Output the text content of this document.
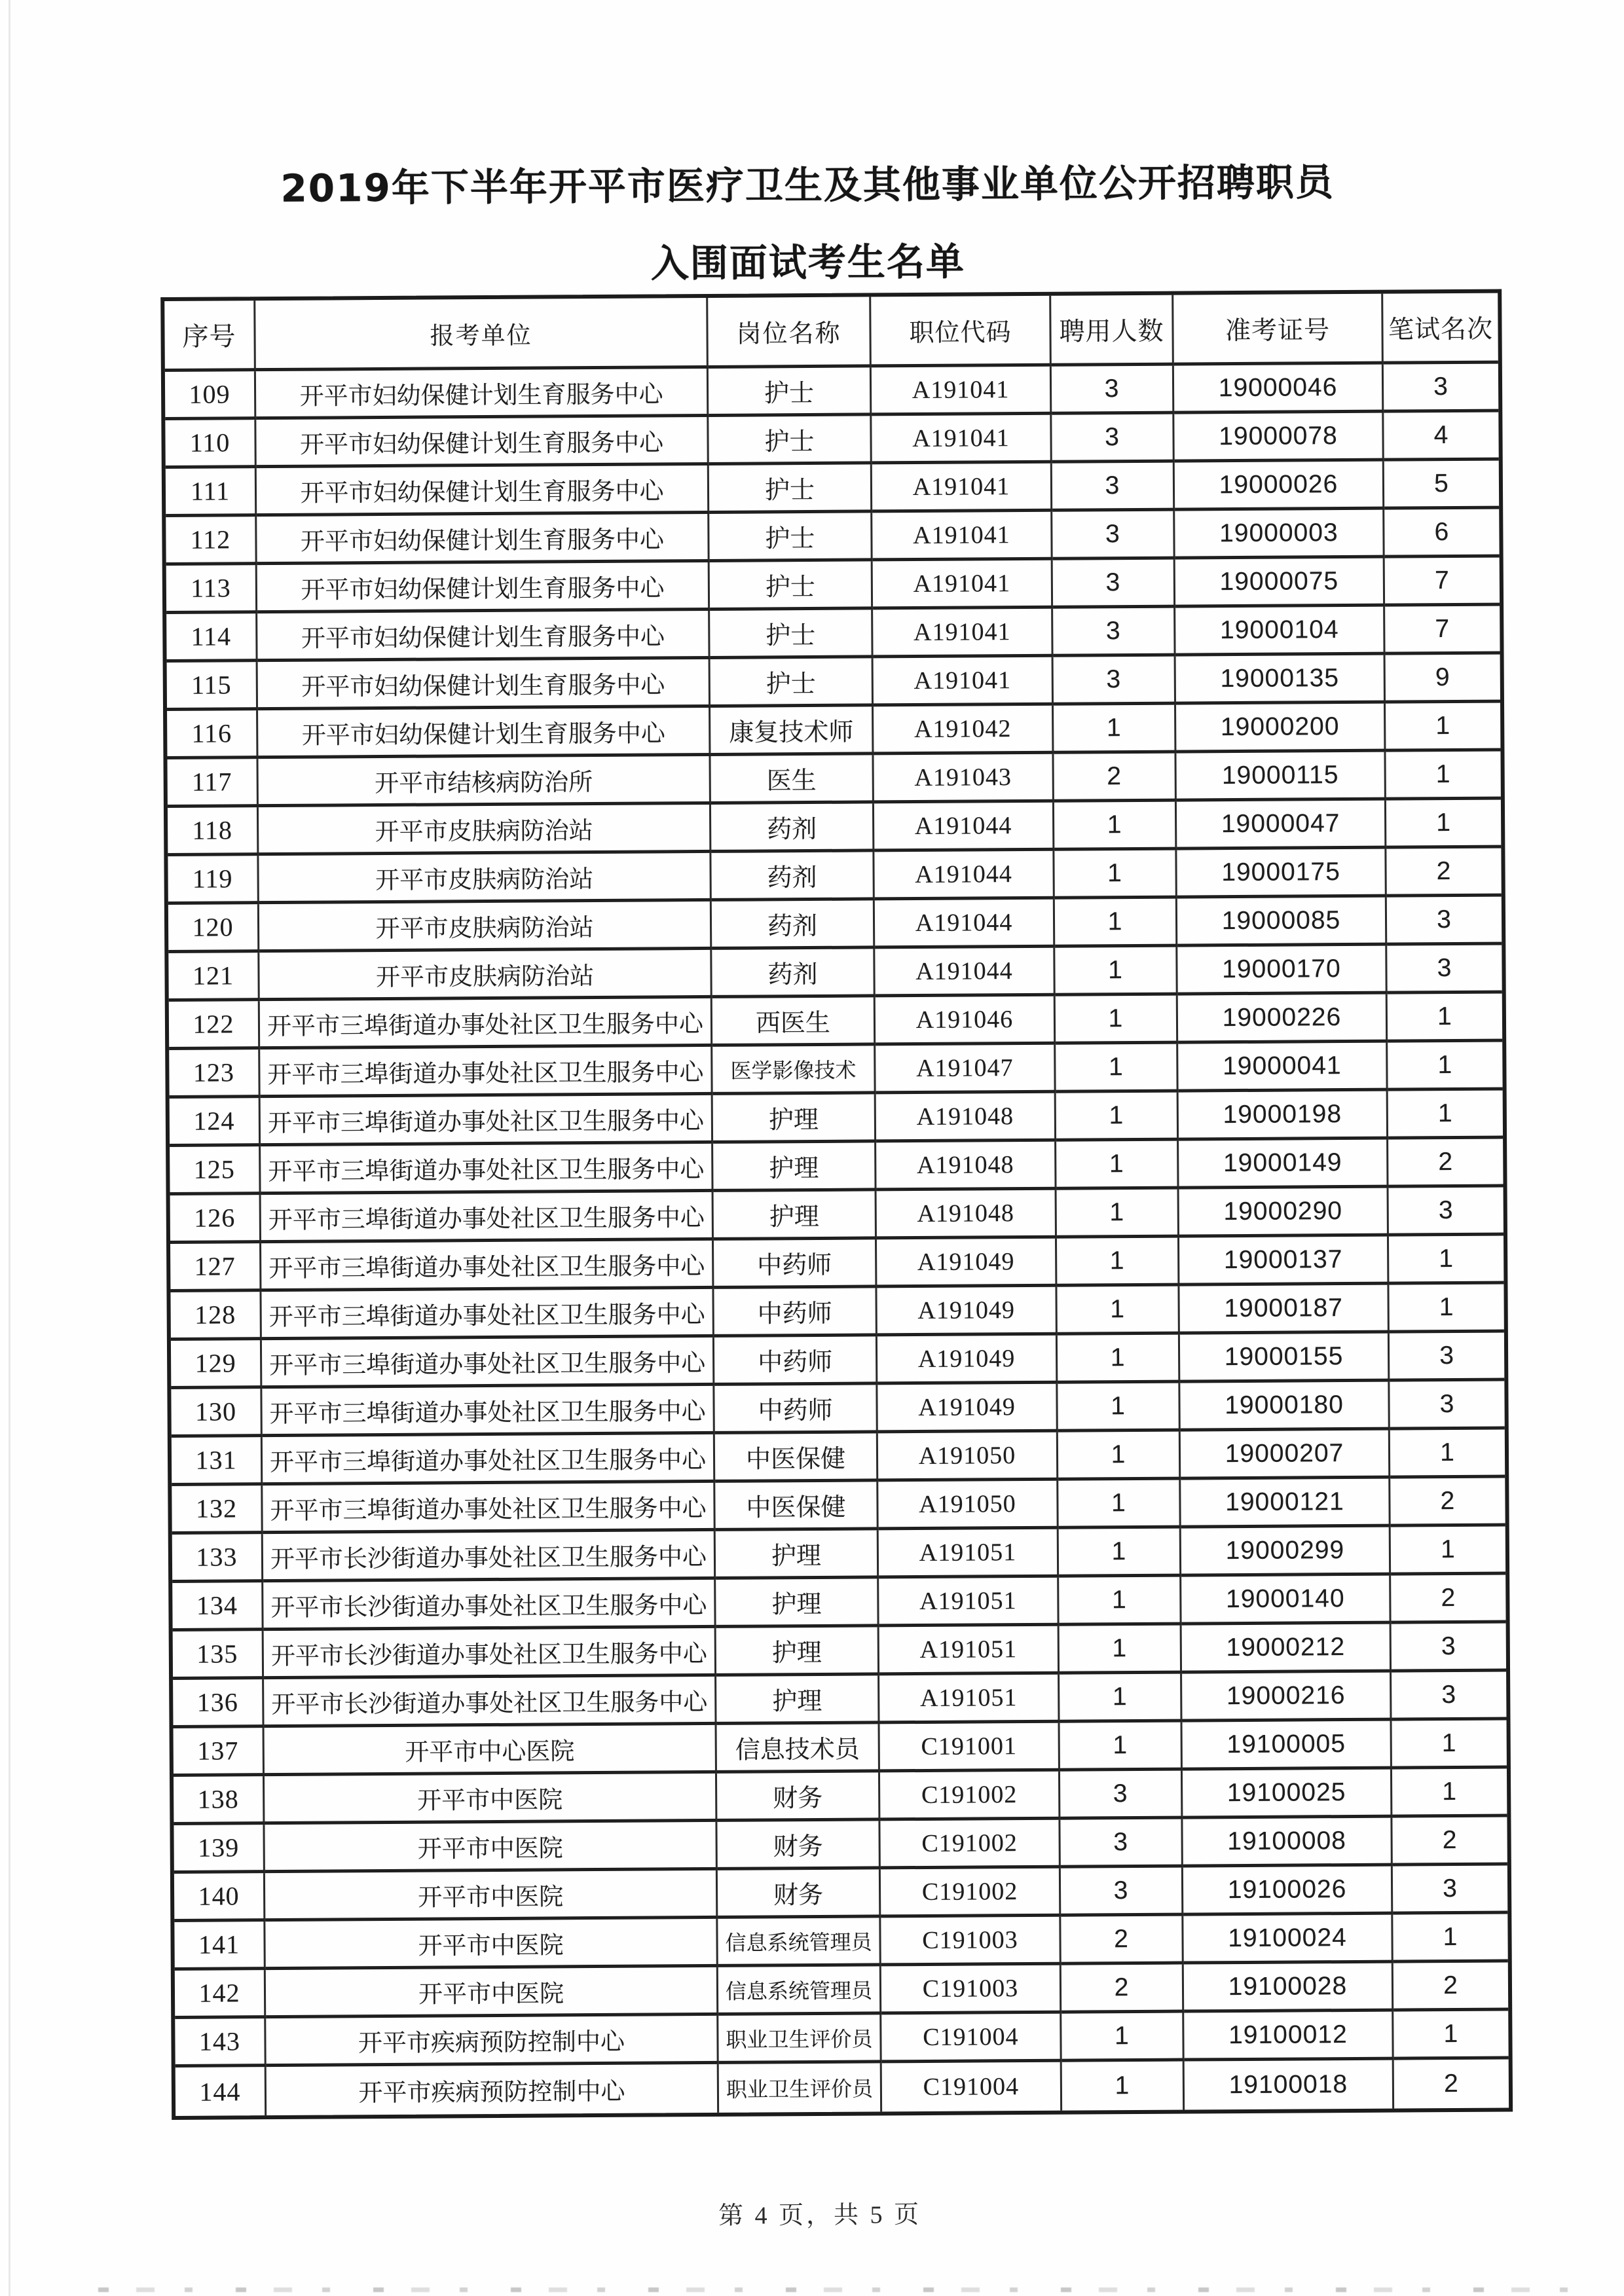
2019年下半年开平市医疗卫生及其他事业单位公开招聘职员
入围面试考生名单
序号	报考单位	岗位名称	职位代码	聘用人数	准考证号	笔试名次
109	开平市妇幼保健计划生育服务中心	护士	A191041	3	19000046	3
110	开平市妇幼保健计划生育服务中心	护士	A191041	3	19000078	4
111	开平市妇幼保健计划生育服务中心	护士	A191041	3	19000026	5
112	开平市妇幼保健计划生育服务中心	护士	A191041	3	19000003	6
113	开平市妇幼保健计划生育服务中心	护士	A191041	3	19000075	7
114	开平市妇幼保健计划生育服务中心	护士	A191041	3	19000104	7
115	开平市妇幼保健计划生育服务中心	护士	A191041	3	19000135	9
116	开平市妇幼保健计划生育服务中心	康复技术师	A191042	1	19000200	1
117	开平市结核病防治所	医生	A191043	2	19000115	1
118	开平市皮肤病防治站	药剂	A191044	1	19000047	1
119	开平市皮肤病防治站	药剂	A191044	1	19000175	2
120	开平市皮肤病防治站	药剂	A191044	1	19000085	3
121	开平市皮肤病防治站	药剂	A191044	1	19000170	3
122	开平市三埠街道办事处社区卫生服务中心	西医生	A191046	1	19000226	1
123	开平市三埠街道办事处社区卫生服务中心	医学影像技术	A191047	1	19000041	1
124	开平市三埠街道办事处社区卫生服务中心	护理	A191048	1	19000198	1
125	开平市三埠街道办事处社区卫生服务中心	护理	A191048	1	19000149	2
126	开平市三埠街道办事处社区卫生服务中心	护理	A191048	1	19000290	3
127	开平市三埠街道办事处社区卫生服务中心	中药师	A191049	1	19000137	1
128	开平市三埠街道办事处社区卫生服务中心	中药师	A191049	1	19000187	1
129	开平市三埠街道办事处社区卫生服务中心	中药师	A191049	1	19000155	3
130	开平市三埠街道办事处社区卫生服务中心	中药师	A191049	1	19000180	3
131	开平市三埠街道办事处社区卫生服务中心	中医保健	A191050	1	19000207	1
132	开平市三埠街道办事处社区卫生服务中心	中医保健	A191050	1	19000121	2
133	开平市长沙街道办事处社区卫生服务中心	护理	A191051	1	19000299	1
134	开平市长沙街道办事处社区卫生服务中心	护理	A191051	1	19000140	2
135	开平市长沙街道办事处社区卫生服务中心	护理	A191051	1	19000212	3
136	开平市长沙街道办事处社区卫生服务中心	护理	A191051	1	19000216	3
137	开平市中心医院	信息技术员	C191001	1	19100005	1
138	开平市中医院	财务	C191002	3	19100025	1
139	开平市中医院	财务	C191002	3	19100008	2
140	开平市中医院	财务	C191002	3	19100026	3
141	开平市中医院	信息系统管理员	C191003	2	19100024	1
142	开平市中医院	信息系统管理员	C191003	2	19100028	2
143	开平市疾病预防控制中心	职业卫生评价员	C191004	1	19100012	1
144	开平市疾病预防控制中心	职业卫生评价员	C191004	1	19100018	2
第 4 页，共 5 页
